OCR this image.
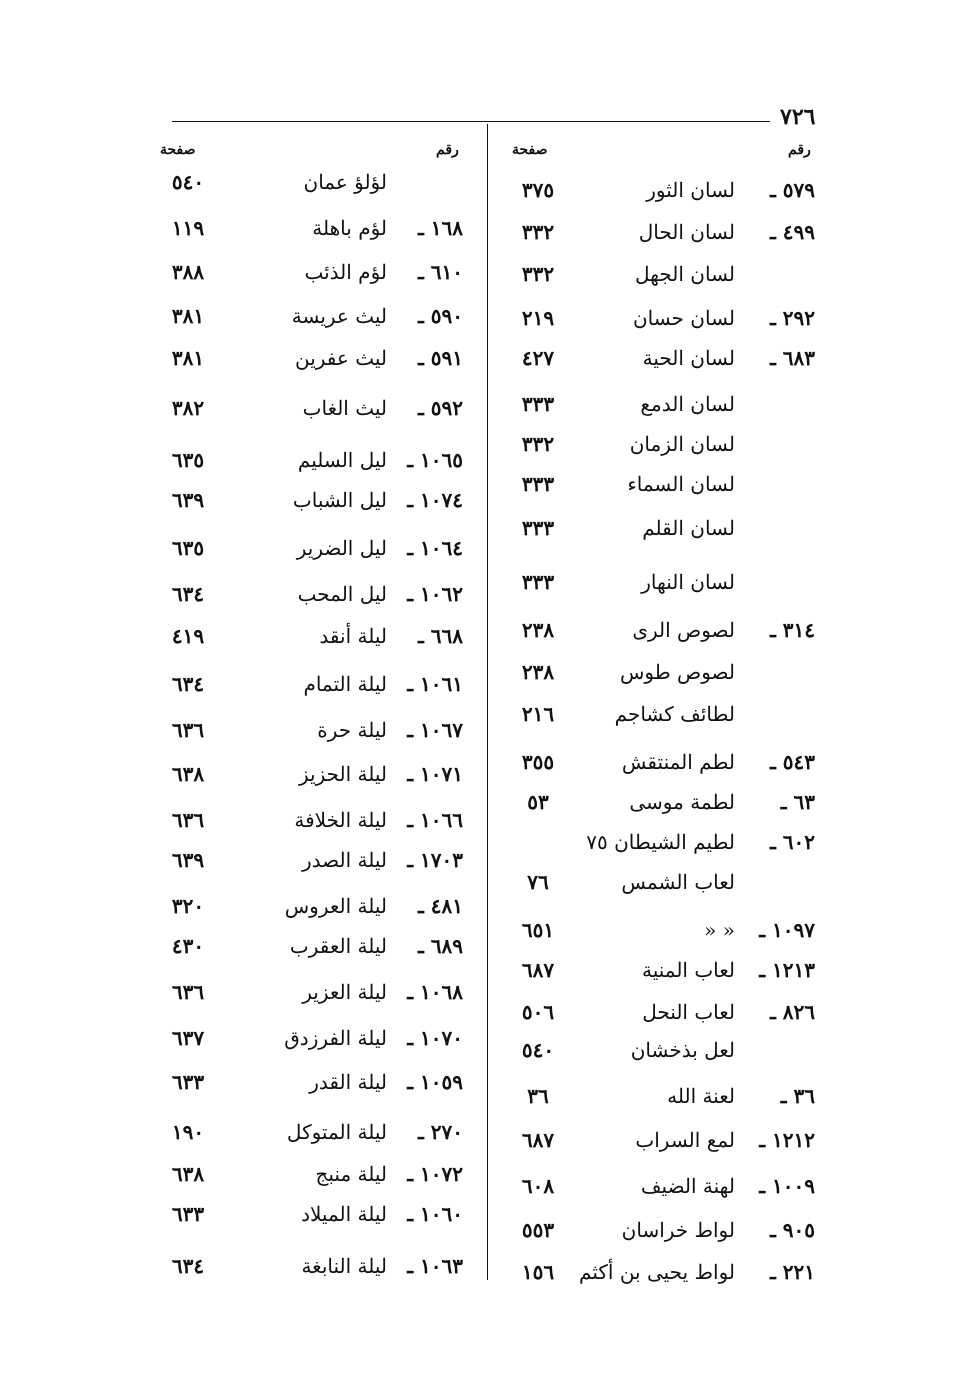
٧٢٦
رقم
صفحة
رقم
صفحة
٥٧٩ ـ
لسان الثور
٣٧٥
٤٩٩ ـ
لسان الحال
٣٣٢
لسان الجهل
٣٣٢
٢٩٢ ـ
لسان حسان
٢١٩
٦٨٣ ـ
لسان الحية
٤٢٧
لسان الدمع
٣٣٣
لسان الزمان
٣٣٢
لسان السماء
٣٣٣
لسان القلم
٣٣٣
لسان النهار
٣٣٣
٣١٤ ـ
لصوص الرى
٢٣٨
لصوص طوس
٢٣٨
لطائف كشاجم
٢١٦
٥٤٣ ـ
لطم المنتقش
٣٥٥
٦٣ ـ
لطمة موسى
٥٣
٦٠٢ ـ
لطيم الشيطان ٧٥
لعاب الشمس
٧٦
١٠٩٧ ـ
« «
٦٥١
١٢١٣ ـ
لعاب المنية
٦٨٧
٨٢٦ ـ
لعاب النحل
٥٠٦
لعل بذخشان
٥٤٠
٣٦ ـ
لعنة الله
٣٦
١٢١٢ ـ
لمع السراب
٦٨٧
١٠٠٩ ـ
لهنة الضيف
٦٠٨
٩٠٥ ـ
لواط خراسان
٥٥٣
٢٢١ ـ
لواط يحيى بن أكثم
١٥٦
لؤلؤ عمان
٥٤٠
١٦٨ ـ
لؤم باهلة
١١٩
٦١٠ ـ
لؤم الذئب
٣٨٨
٥٩٠ ـ
ليث عريسة
٣٨١
٥٩١ ـ
ليث عفرين
٣٨١
٥٩٢ ـ
ليث الغاب
٣٨٢
١٠٦٥ ـ
ليل السليم
٦٣٥
١٠٧٤ ـ
ليل الشباب
٦٣٩
١٠٦٤ ـ
ليل الضرير
٦٣٥
١٠٦٢ ـ
ليل المحب
٦٣٤
٦٦٨ ـ
ليلة أنقد
٤١٩
١٠٦١ ـ
ليلة التمام
٦٣٤
١٠٦٧ ـ
ليلة حرة
٦٣٦
١٠٧١ ـ
ليلة الحزيز
٦٣٨
١٠٦٦ ـ
ليلة الخلافة
٦٣٦
١٧٠٣ ـ
ليلة الصدر
٦٣٩
٤٨١ ـ
ليلة العروس
٣٢٠
٦٨٩ ـ
ليلة العقرب
٤٣٠
١٠٦٨ ـ
ليلة العزير
٦٣٦
١٠٧٠ ـ
ليلة الفرزدق
٦٣٧
١٠٥٩ ـ
ليلة القدر
٦٣٣
٢٧٠ ـ
ليلة المتوكل
١٩٠
١٠٧٢ ـ
ليلة منبج
٦٣٨
١٠٦٠ ـ
ليلة الميلاد
٦٣٣
١٠٦٣ ـ
ليلة النابغة
٦٣٤
